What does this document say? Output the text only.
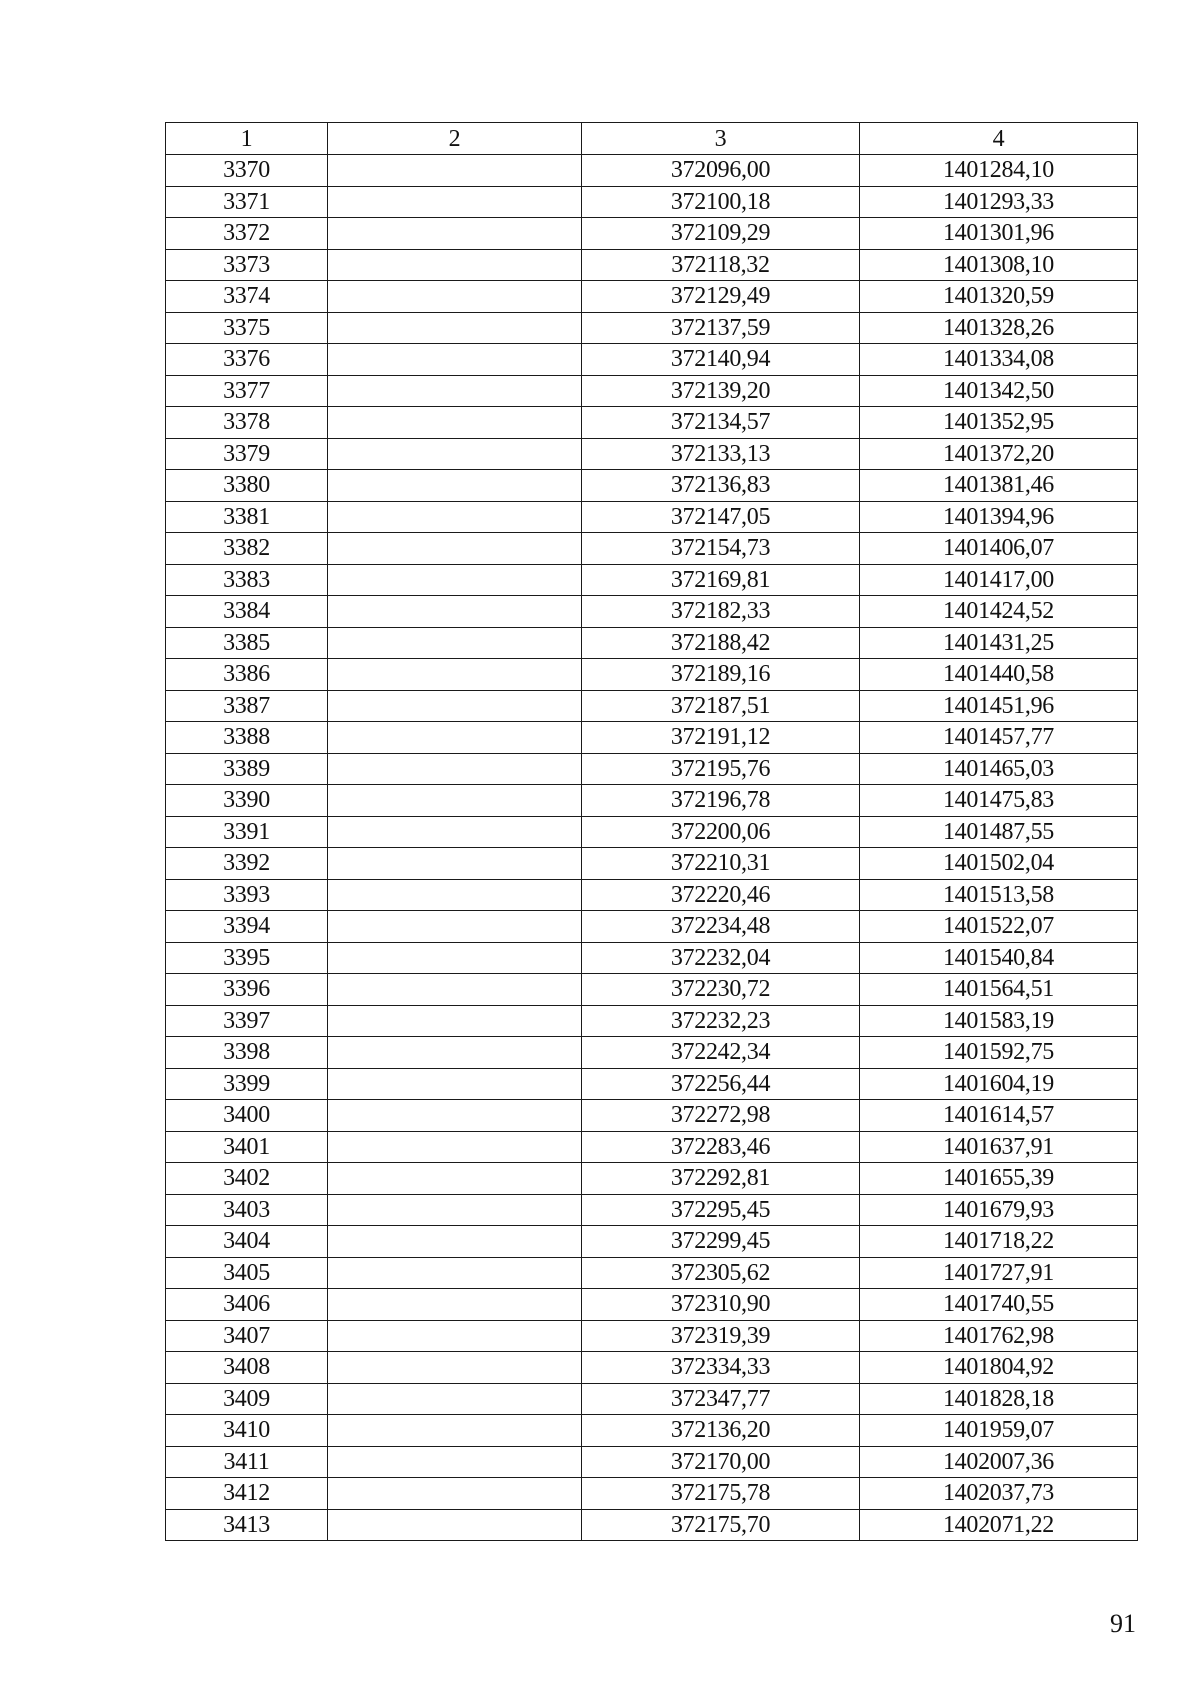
1	2	3	4
3370		372096,00	1401284,10
3371		372100,18	1401293,33
3372		372109,29	1401301,96
3373		372118,32	1401308,10
3374		372129,49	1401320,59
3375		372137,59	1401328,26
3376		372140,94	1401334,08
3377		372139,20	1401342,50
3378		372134,57	1401352,95
3379		372133,13	1401372,20
3380		372136,83	1401381,46
3381		372147,05	1401394,96
3382		372154,73	1401406,07
3383		372169,81	1401417,00
3384		372182,33	1401424,52
3385		372188,42	1401431,25
3386		372189,16	1401440,58
3387		372187,51	1401451,96
3388		372191,12	1401457,77
3389		372195,76	1401465,03
3390		372196,78	1401475,83
3391		372200,06	1401487,55
3392		372210,31	1401502,04
3393		372220,46	1401513,58
3394		372234,48	1401522,07
3395		372232,04	1401540,84
3396		372230,72	1401564,51
3397		372232,23	1401583,19
3398		372242,34	1401592,75
3399		372256,44	1401604,19
3400		372272,98	1401614,57
3401		372283,46	1401637,91
3402		372292,81	1401655,39
3403		372295,45	1401679,93
3404		372299,45	1401718,22
3405		372305,62	1401727,91
3406		372310,90	1401740,55
3407		372319,39	1401762,98
3408		372334,33	1401804,92
3409		372347,77	1401828,18
3410		372136,20	1401959,07
3411		372170,00	1402007,36
3412		372175,78	1402037,73
3413		372175,70	1402071,22
91
